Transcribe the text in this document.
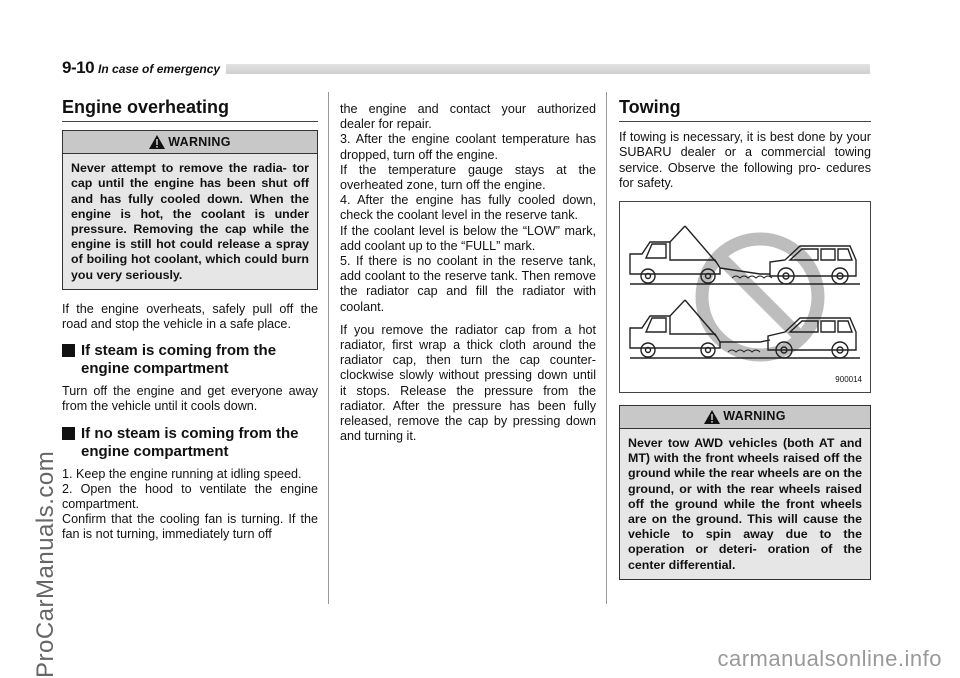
9-10 In case of emergency
Engine overheating
WARNING
Never attempt to remove the radia- tor cap until the engine has been shut off and has fully cooled down. When the engine is hot, the coolant is under pressure. Removing the cap while the engine is still hot could release a spray of boiling hot coolant, which could burn you very seriously.

If the engine overheats, safely pull off the road and stop the vehicle in a safe place.

If steam is coming from the engine compartment

Turn off the engine and get everyone away from the vehicle until it cools down.

If no steam is coming from the engine compartment
1. Keep the engine running at idling speed.
2. Open the hood to ventilate the engine compartment.
Confirm that the cooling fan is turning. If the fan is not turning, immediately turn off
the engine and contact your authorized dealer for repair.
3. After the engine coolant temperature has dropped, turn off the engine.
If the temperature gauge stays at the overheated zone, turn off the engine.
4. After the engine has fully cooled down, check the coolant level in the reserve tank.
If the coolant level is below the “LOW” mark, add coolant up to the “FULL” mark.
5. If there is no coolant in the reserve tank, add coolant to the reserve tank. Then remove the radiator cap and fill the radiator with coolant.

If you remove the radiator cap from a hot radiator, first wrap a thick cloth around the radiator cap, then turn the cap counter- clockwise slowly without pressing down until it stops. Release the pressure from the radiator. After the pressure has been fully released, remove the cap by pressing down and turning it.

Towing

If towing is necessary, it is best done by your SUBARU dealer or a commercial towing service. Observe the following pro- cedures for safety.

900014
WARNING
Never tow AWD vehicles (both AT and MT) with the front wheels raised off the ground while the rear wheels are on the ground, or with the rear wheels raised off the ground while the front wheels are on the ground. This will cause the vehicle to spin away due to the operation or deteri- oration of the center differential.
ProCarManuals.com	carmanualsonline.info
